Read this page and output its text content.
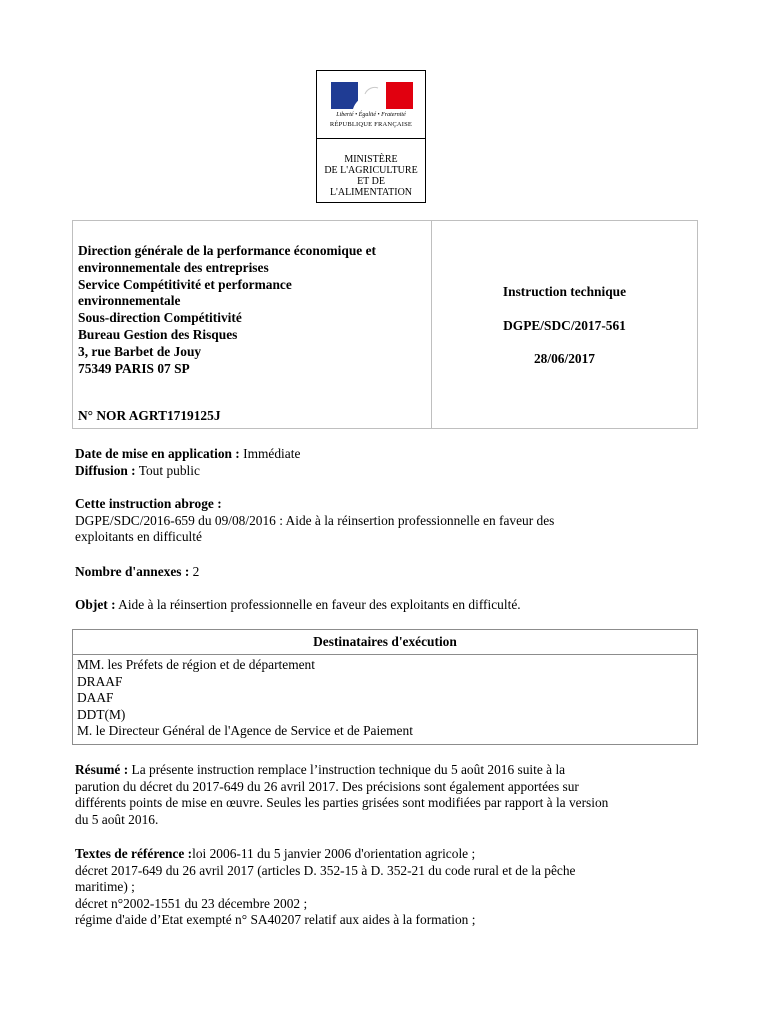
Liberté • Égalité • Fraternité
RÉPUBLIQUE FRANÇAISE
MINISTÈRE
DE L'AGRICULTURE
ET DE
L'ALIMENTATION
Direction générale de la performance économique et
environnementale des entreprises
Service Compétitivité et performance
environnementale
Sous-direction Compétitivité
Bureau Gestion des Risques
3, rue Barbet de Jouy
75349 PARIS 07 SP
N° NOR AGRT1719125J
Instruction technique
DGPE/SDC/2017-561
28/06/2017
Date de mise en application : Immédiate
Diffusion : Tout public
Cette instruction abroge :
DGPE/SDC/2016-659 du 09/08/2016 : Aide à la réinsertion professionnelle en faveur des
exploitants en difficulté
Nombre d'annexes : 2
Objet : Aide à la réinsertion professionnelle en faveur des exploitants en difficulté.
Destinataires d'exécution
MM. les Préfets de région et de département
DRAAF
DAAF
DDT(M)
M. le Directeur Général de l'Agence de Service et de Paiement
Résumé : La présente instruction remplace l’instruction technique du 5 août 2016 suite à la
parution du décret du 2017-649 du 26 avril 2017. Des précisions sont également apportées sur
différents points de mise en œuvre. Seules les parties grisées sont modifiées par rapport à la version
du 5 août 2016.
Textes de référence :loi 2006-11 du 5 janvier 2006 d'orientation agricole ;
décret 2017-649 du 26 avril 2017 (articles D. 352-15 à D. 352-21 du code rural et de la pêche
maritime) ;
décret n°2002-1551 du 23 décembre 2002 ;
régime d'aide d’Etat exempté n° SA40207 relatif aux aides à la formation ;
